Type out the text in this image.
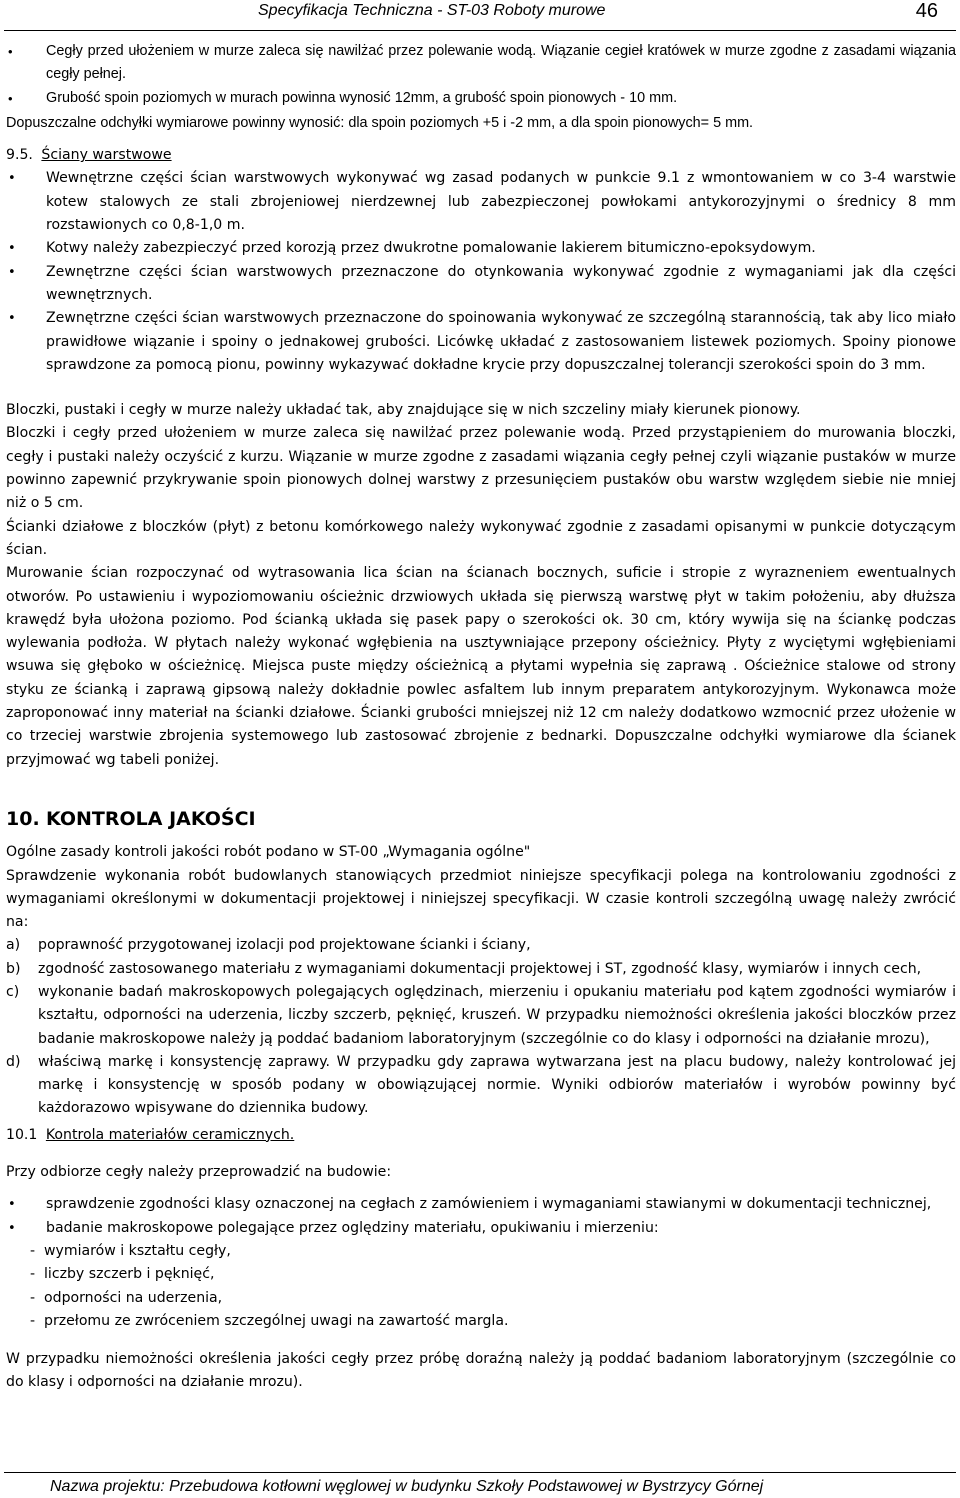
Specyfikacja Techniczna - ST-03 Roboty murowe	46
• Cegły przed ułożeniem w murze zaleca się nawilżać przez polewanie wodą. Wiązanie cegieł kratówek w murze zgodne z zasadami wiązania cegły pełnej.
• Grubość spoin poziomych w murach powinna wynosić 12mm, a grubość spoin pionowych - 10 mm.

Dopuszczalne odchyłki wymiarowe powinny wynosić: dla spoin poziomych +5 i -2 mm, a dla spoin pionowych= 5 mm.

9.5. Ściany warstwowe

• Wewnętrzne części ścian warstwowych wykonywać wg zasad podanych w punkcie 9.1 z wmontowaniem w co 3-4 warstwie kotew stalowych ze stali zbrojeniowej nierdzewnej lub zabezpieczonej powłokami antykorozyjnymi o średnicy 8 mm rozstawionych co 0,8-1,0 m.
• Kotwy należy zabezpieczyć przed korozją przez dwukrotne pomalowanie lakierem bitumiczno-epoksydowym.
• Zewnętrzne części ścian warstwowych przeznaczone do otynkowania wykonywać zgodnie z wymaganiami jak dla części wewnętrznych.
• Zewnętrzne części ścian warstwowych przeznaczone do spoinowania wykonywać ze szczególną starannością, tak aby lico miało prawidłowe wiązanie i spoiny o jednakowej grubości. Licówkę układać z zastosowaniem listewek poziomych. Spoiny pionowe sprawdzone za pomocą pionu, powinny wykazywać dokładne krycie przy dopuszczalnej tolerancji szerokości spoin do 3 mm.

Bloczki, pustaki i cegły w murze należy układać tak, aby znajdujące się w nich szczeliny miały kierunek pionowy.

Bloczki i cegły przed ułożeniem w murze zaleca się nawilżać przez polewanie wodą. Przed przystąpieniem do murowania bloczki, cegły i pustaki należy oczyścić z kurzu. Wiązanie w murze zgodne z zasadami wiązania cegły pełnej czyli wiązanie pustaków w murze powinno zapewnić przykrywanie spoin pionowych dolnej warstwy z przesunięciem pustaków obu warstw względem siebie nie mniej niż o 5 cm.

Ścianki działowe z bloczków (płyt) z betonu komórkowego należy wykonywać zgodnie z zasadami opisanymi w punkcie dotyczącym ścian.

Murowanie ścian rozpoczynać od wytrasowania lica ścian na ścianach bocznych, suficie i stropie z wyrazneniem ewentualnych otworów. Po ustawieniu i wypoziomowaniu ościeżnic drzwiowych układa się pierwszą warstwę płyt w takim położeniu, aby dłuższa krawędź była ułożona poziomo. Pod ścianką układa się pasek papy o szerokości ok. 30 cm, który wywija się na ściankę podczas wylewania podłoża. W płytach należy wykonać wgłębienia na usztywniające przepony ościeżnicy. Płyty z wyciętymi wgłębieniami wsuwa się głęboko w ościeżnicę. Miejsca puste między ościeżnicą a płytami wypełnia się zaprawą . Ościeżnice stalowe od strony styku ze ścianką i zaprawą gipsową należy dokładnie powlec asfaltem lub innym preparatem antykorozyjnym. Wykonawca może zaproponować inny materiał na ścianki działowe. Ścianki grubości mniejszej niż 12 cm należy dodatkowo wzmocnić przez ułożenie w co trzeciej warstwie zbrojenia systemowego lub zastosować zbrojenie z bednarki. Dopuszczalne odchyłki wymiarowe dla ścianek przyjmować wg tabeli poniżej.

10. KONTROLA JAKOŚCI

Ogólne zasady kontroli jakości robót podano w ST-00 „Wymagania ogólne"

Sprawdzenie wykonania robót budowlanych stanowiących przedmiot niniejsze specyfikacji polega na kontrolowaniu zgodności z wymaganiami określonymi w dokumentacji projektowej i niniejszej specyfikacji. W czasie kontroli szczególną uwagę należy zwrócić na:

a) poprawność przygotowanej izolacji pod projektowane ścianki i ściany,
b) zgodność zastosowanego materiału z wymaganiami dokumentacji projektowej i ST, zgodność klasy, wymiarów i innych cech,
c) wykonanie badań makroskopowych polegających oględzinach, mierzeniu i opukaniu materiału pod kątem zgodności wymiarów i kształtu, odporności na uderzenia, liczby szczerb, pęknięć, kruszeń. W przypadku niemożności określenia jakości bloczków przez badanie makroskopowe należy ją poddać badaniom laboratoryjnym (szczególnie co do klasy i odporności na działanie mrozu),
d) właściwą markę i konsystencję zaprawy. W przypadku gdy zaprawa wytwarzana jest na placu budowy, należy kontrolować jej markę i konsystencję w sposób podany w obowiązującej normie. Wyniki odbiorów materiałów i wyrobów powinny być każdorazowo wpisywane do dziennika budowy.

10.1 Kontrola materiałów ceramicznych.

Przy odbiorze cegły należy przeprowadzić na budowie:

• sprawdzenie zgodności klasy oznaczonej na cegłach z zamówieniem i wymaganiami stawianymi w dokumentacji technicznej,
• badanie makroskopowe polegające przez oględziny materiału, opukiwaniu i mierzeniu:
- wymiarów i kształtu cegły,
- liczby szczerb i pęknięć,
- odporności na uderzenia,
- przełomu ze zwróceniem szczególnej uwagi na zawartość margla.

W przypadku niemożności określenia jakości cegły przez próbę doraźną należy ją poddać badaniom laboratoryjnym (szczególnie co do klasy i odporności na działanie mrozu).

Nazwa projektu: Przebudowa kotłowni węglowej w budynku Szkoły Podstawowej w Bystrzycy Górnej
